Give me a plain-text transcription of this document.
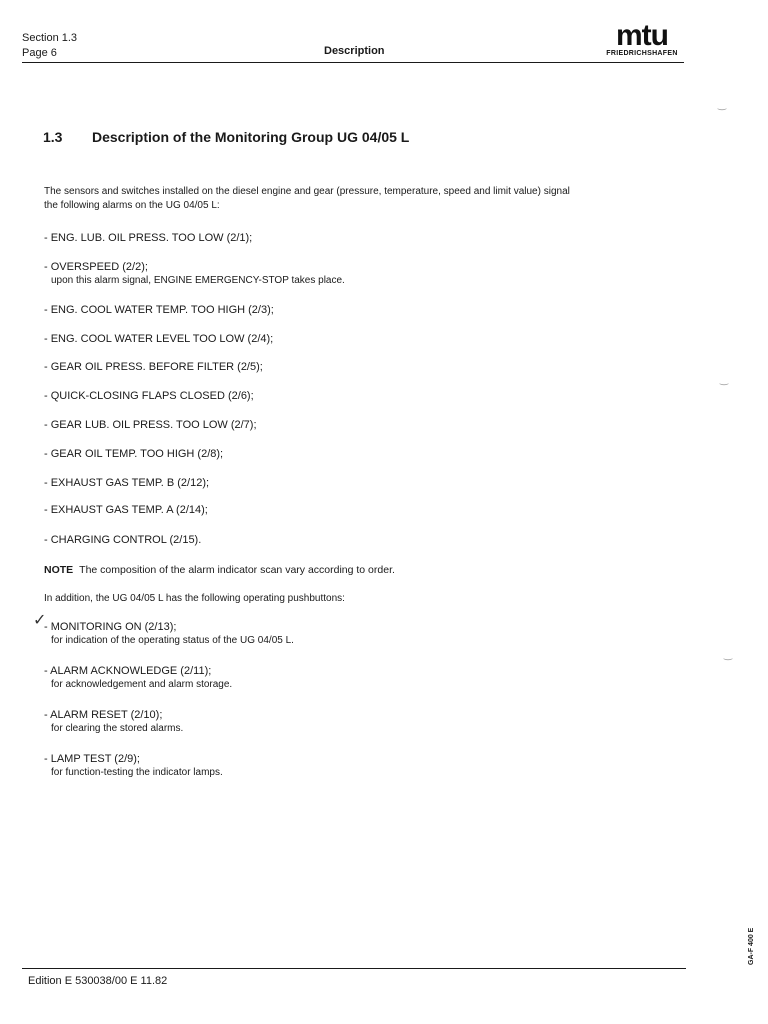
Section 1.3
Page 6	Description	mtu
FRIEDRICHSHAFEN
1.3 Description of the Monitoring Group UG 04/05 L
The sensors and switches installed on the diesel engine and gear (pressure, temperature, speed and limit value) signal
the following alarms on the UG 04/05 L:
- ENG. LUB. OIL PRESS. TOO LOW (2/1);
- OVERSPEED (2/2);
upon this alarm signal, ENGINE EMERGENCY-STOP takes place.
- ENG. COOL WATER TEMP. TOO HIGH (2/3);
- ENG. COOL WATER LEVEL TOO LOW (2/4);
- GEAR OIL PRESS. BEFORE FILTER (2/5);
- QUICK-CLOSING FLAPS CLOSED (2/6);
- GEAR LUB. OIL PRESS. TOO LOW (2/7);
- GEAR OIL TEMP. TOO HIGH (2/8);
- EXHAUST GAS TEMP. B (2/12);
- EXHAUST GAS TEMP. A (2/14);
- CHARGING CONTROL (2/15).
NOTE The composition of the alarm indicator scan vary according to order.
In addition, the UG 04/05 L has the following operating pushbuttons:
✓
- MONITORING ON (2/13);
for indication of the operating status of the UG 04/05 L.
- ALARM ACKNOWLEDGE (2/11);
for acknowledgement and alarm storage.
- ALARM RESET (2/10);
for clearing the stored alarms.
- LAMP TEST (2/9);
for function-testing the indicator lamps.
‿
‿
‿
GA-F 400 E
Edition E 530038/00 E 11.82
